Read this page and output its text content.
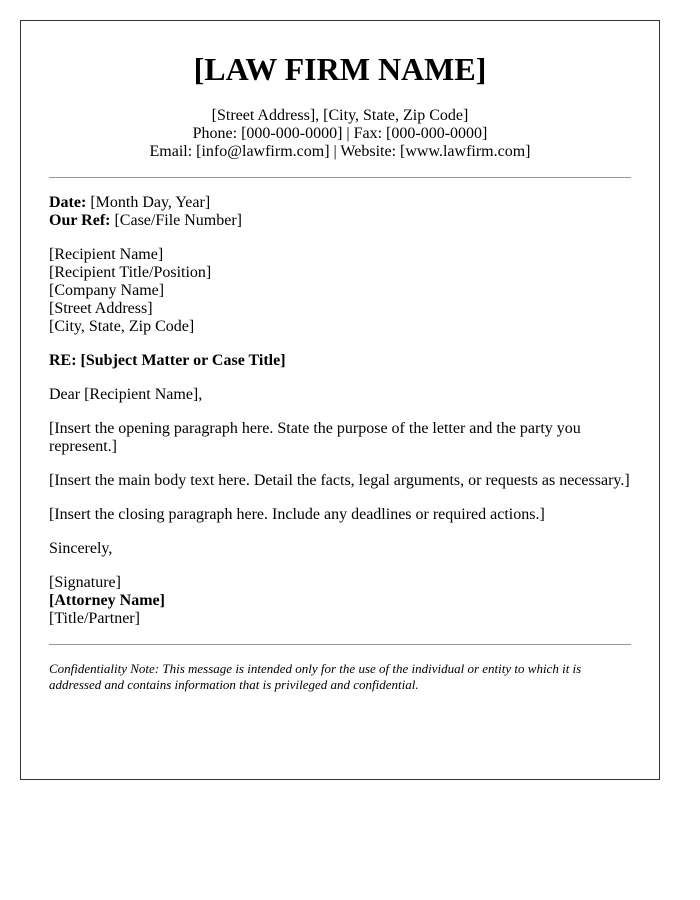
[LAW FIRM NAME]
[Street Address], [City, State, Zip Code]
Phone: [000-000-0000] | Fax: [000-000-0000]
Email: [info@lawfirm.com] | Website: [www.lawfirm.com]
Date: [Month Day, Year]
Our Ref: [Case/File Number]
[Recipient Name]
[Recipient Title/Position]
[Company Name]
[Street Address]
[City, State, Zip Code]
RE: [Subject Matter or Case Title]
Dear [Recipient Name],
[Insert the opening paragraph here. State the purpose of the letter and the party you represent.]
[Insert the main body text here. Detail the facts, legal arguments, or requests as necessary.]
[Insert the closing paragraph here. Include any deadlines or required actions.]
Sincerely,
[Signature]
[Attorney Name]
[Title/Partner]
Confidentiality Note: This message is intended only for the use of the individual or entity to which it is addressed and contains information that is privileged and confidential.
